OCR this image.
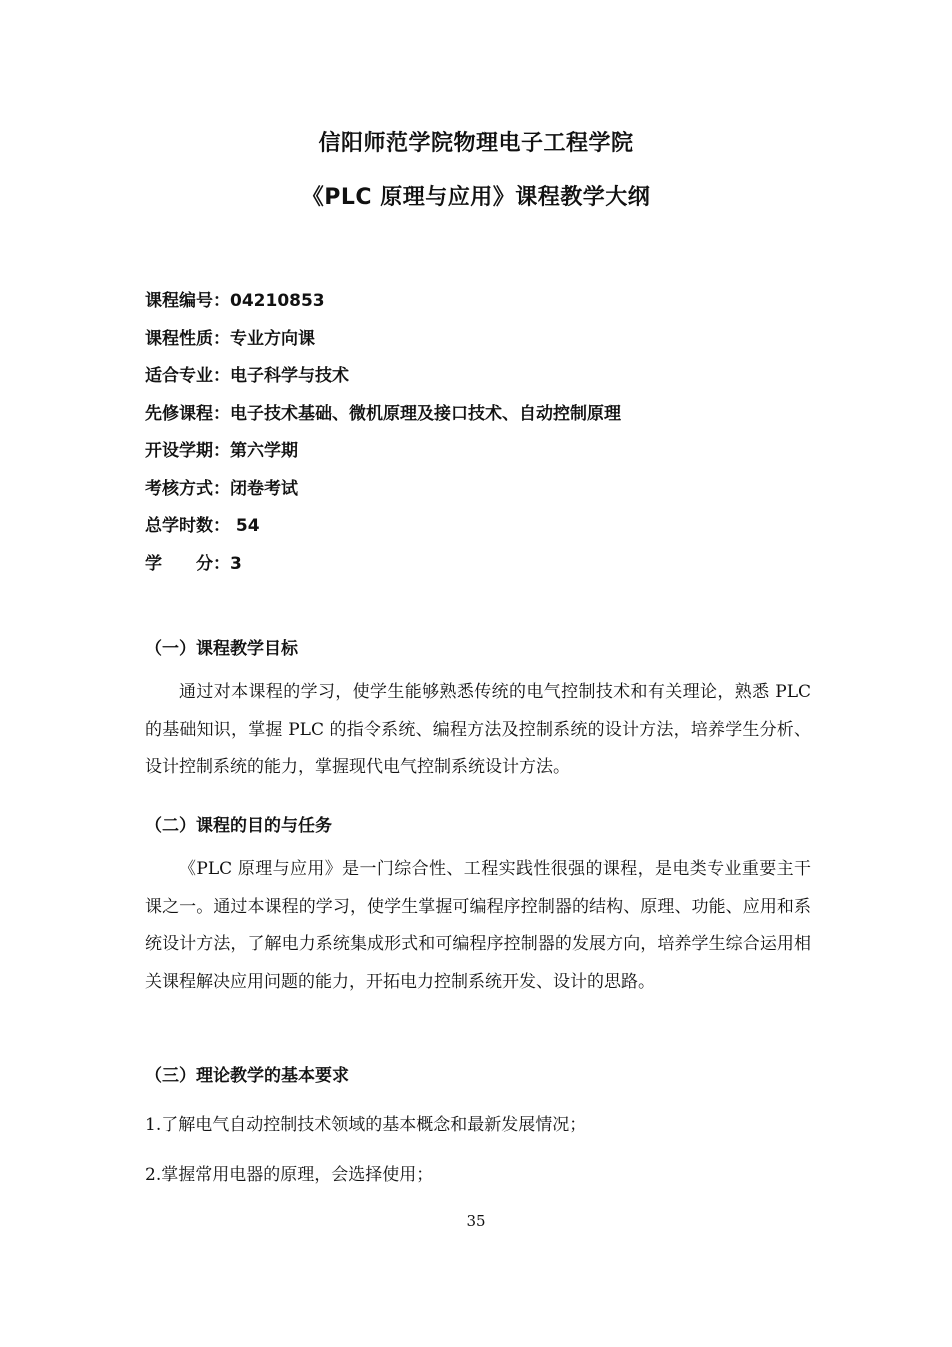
信阳师范学院物理电子工程学院
《PLC 原理与应用》课程教学大纲
课程编号：04210853
课程性质：专业方向课
适合专业：电子科学与技术
先修课程：电子技术基础、微机原理及接口技术、自动控制原理
开设学期：第六学期
考核方式：闭卷考试
总学时数： 54
学　　分：3
（一）课程教学目标

通过对本课程的学习，使学生能够熟悉传统的电气控制技术和有关理论，熟悉 PLC 的基础知识，掌握 PLC 的指令系统、编程方法及控制系统的设计方法，培养学生分析、设计控制系统的能力，掌握现代电气控制系统设计方法。

（二）课程的目的与任务

《PLC 原理与应用》是一门综合性、工程实践性很强的课程，是电类专业重要主干课之一。通过本课程的学习，使学生掌握可编程序控制器的结构、原理、功能、应用和系统设计方法，了解电力系统集成形式和可编程序控制器的发展方向，培养学生综合运用相关课程解决应用问题的能力，开拓电力控制系统开发、设计的思路。

（三）理论教学的基本要求

1.了解电气自动控制技术领域的基本概念和最新发展情况；

2.掌握常用电器的原理，会选择使用；

35
